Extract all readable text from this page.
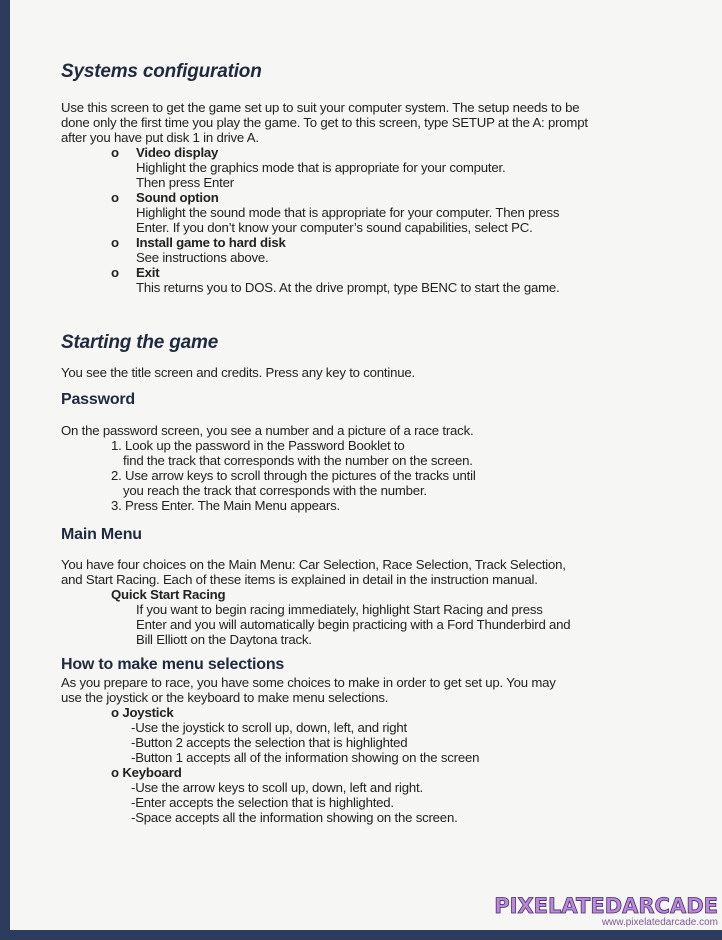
Systems configuration

Use this screen to get the game set up to suit your computer system. The setup needs to be

done only the first time you play the game. To get to this screen, type SETUP at the A: prompt

after you have put disk 1 in drive A.

o	Video display

Highlight the graphics mode that is appropriate for your computer.

Then press Enter

o	Sound option

Highlight the sound mode that is appropriate for your computer. Then press

Enter. If you don’t know your computer’s sound capabilities, select PC.

o	Install game to hard disk

See instructions above.

o	Exit

This returns you to DOS. At the drive prompt, type BENC to start the game.

Starting the game

You see the title screen and credits. Press any key to continue.

Password

On the password screen, you see a number and a picture of a race track.

1. Look up the password in the Password Booklet to

find the track that corresponds with the number on the screen.

2. Use arrow keys to scroll through the pictures of the tracks until

you reach the track that corresponds with the number.

3. Press Enter. The Main Menu appears.

Main Menu

You have four choices on the Main Menu: Car Selection, Race Selection, Track Selection,

and Start Racing. Each of these items is explained in detail in the instruction manual.

Quick Start Racing

If you want to begin racing immediately, highlight Start Racing and press

Enter and you will automatically begin practicing with a Ford Thunderbird and

Bill Elliott on the Daytona track.

How to make menu selections

As you prepare to race, you have some choices to make in order to get set up. You may

use the joystick or the keyboard to make menu selections.

o Joystick

-Use the joystick to scroll up, down, left, and right

-Button 2 accepts the selection that is highlighted

-Button 1 accepts all of the information showing on the screen

o Keyboard

-Use the arrow keys to scoll up, down, left and right.

-Enter accepts the selection that is highlighted.

-Space accepts all the information showing on the screen.

PIXELATEDARCADE
www.pixelatedarcade.com
